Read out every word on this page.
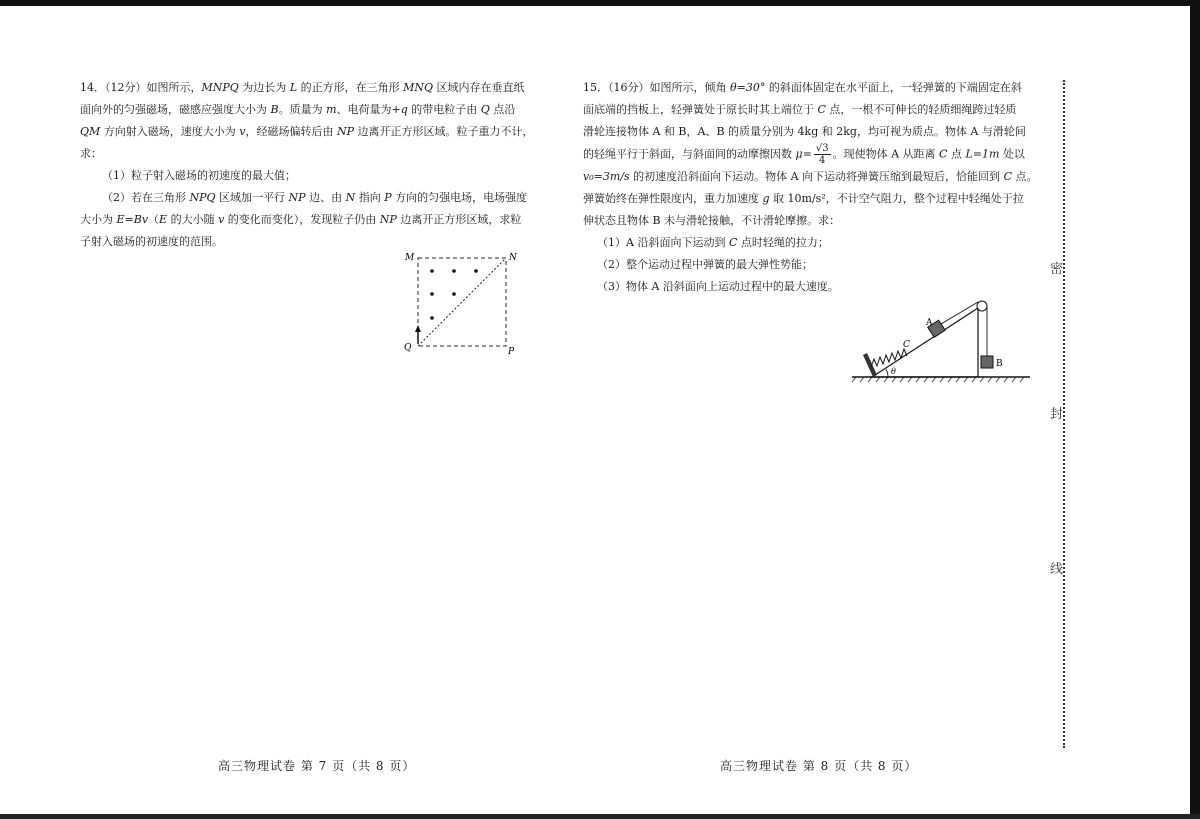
14．（12分）如图所示，MNPQ 为边长为 L 的正方形，在三角形 MNQ 区域内存在垂直纸

面向外的匀强磁场，磁感应强度大小为 B。质量为 m、电荷量为+q 的带电粒子由 Q 点沿

QM 方向射入磁场，速度大小为 v，经磁场偏转后由 NP 边离开正方形区域。粒子重力不计，

求：

（1）粒子射入磁场的初速度的最大值；

（2）若在三角形 NPQ 区域加一平行 NP 边、由 N 指向 P 方向的匀强电场，电场强度

大小为 E=Bv（E 的大小随 v 的变化而变化），发现粒子仍由 NP 边离开正方形区域，求粒

子射入磁场的初速度的范围。

M	N
Q	P

15．（16分）如图所示，倾角 θ=30° 的斜面体固定在水平面上，一轻弹簧的下端固定在斜

面底端的挡板上，轻弹簧处于原长时其上端位于 C 点，一根不可伸长的轻质细绳跨过轻质

滑轮连接物体 A 和 B，A、B 的质量分别为 4kg 和 2kg，均可视为质点。物体 A 与滑轮间

的轻绳平行于斜面，与斜面间的动摩擦因数 $\mu= \frac{√3}{4}$ 。现使物体 A 从距离 C 点 L=1m 处以

v₀=3m/s 的初速度沿斜面向下运动。物体 A 向下运动将弹簧压缩到最短后，恰能回到 C 点。

弹簧始终在弹性限度内，重力加速度 g 取 10m/s²，不计空气阻力，整个过程中轻绳处于拉

伸状态且物体 B 未与滑轮接触，不计滑轮摩擦。求：

（1）A 沿斜面向下运动到 C 点时轻绳的拉力；

（2）整个运动过程中弹簧的最大弹性势能；

（3）物体 A 沿斜面向上运动过程中的最大速度。

C
A
B
θ
密
封
线
高三物理试卷 第 7 页（共 8 页）	高三物理试卷 第 8 页（共 8 页）
